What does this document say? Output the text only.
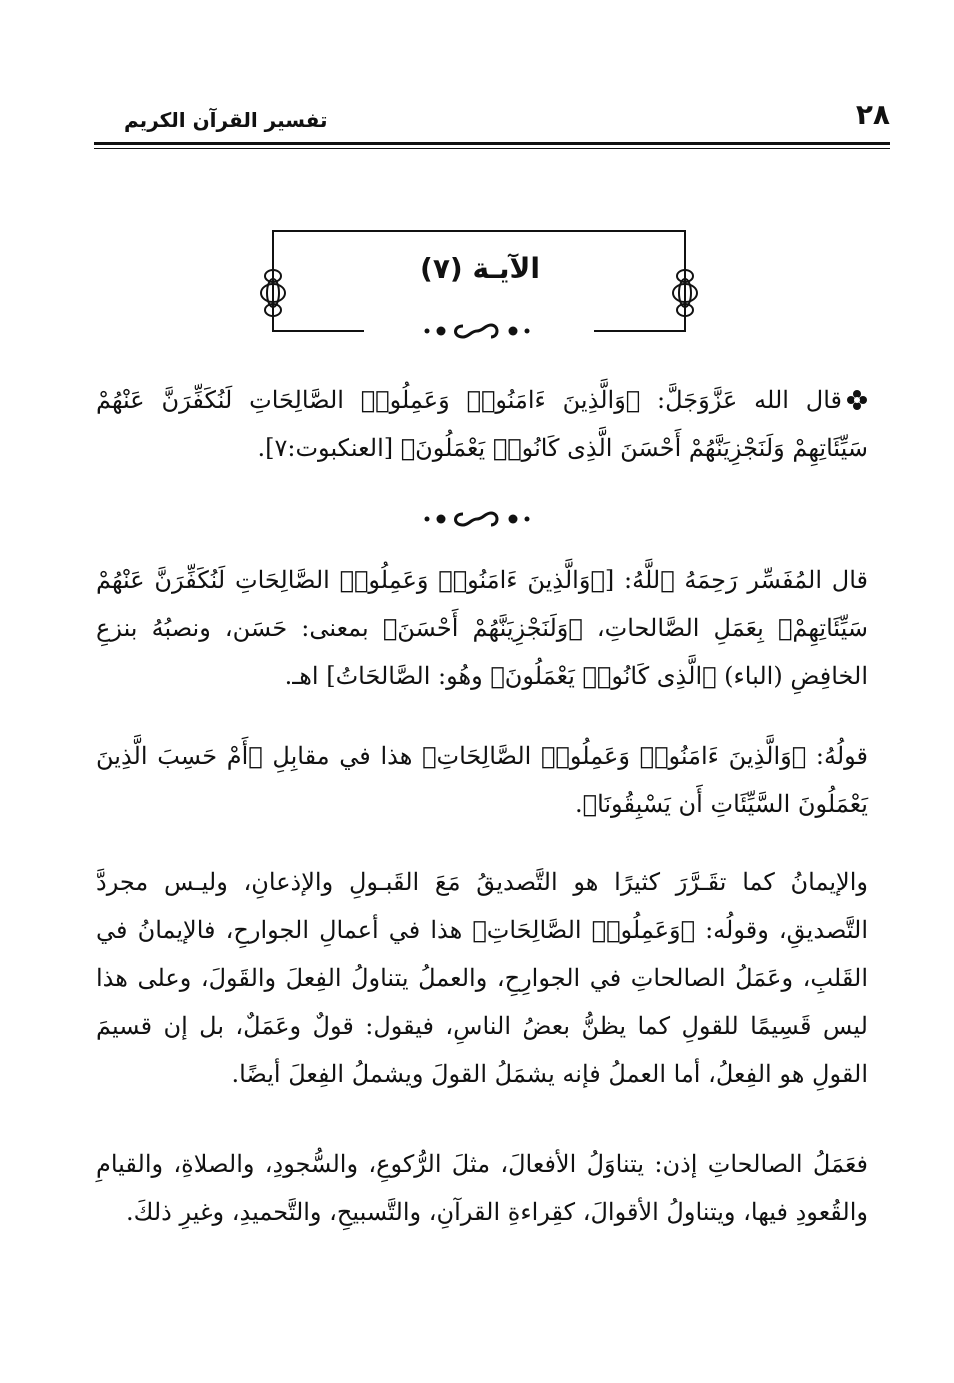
٢٨
تفسير القرآن الكريم
الآيـة (٧)

قال الله عَزَّوَجَلَّ: ﴿وَالَّذِينَ ءَامَنُوا۟ وَعَمِلُوا۟ الصَّالِحَاتِ لَنُكَفِّرَنَّ عَنْهُمْ سَيِّئَاتِهِمْ وَلَنَجْزِيَنَّهُمْ أَحْسَنَ الَّذِى كَانُوا۟ يَعْمَلُونَ﴾ [العنكبوت:٧].

قال المُفَسِّر رَحِمَهُ ٱللَّهُ: [﴿وَالَّذِينَ ءَامَنُوا۟ وَعَمِلُوا۟ الصَّالِحَاتِ لَنُكَفِّرَنَّ عَنْهُمْ سَيِّئَاتِهِمْ﴾ بِعَمَلِ الصَّالحاتِ، ﴿وَلَنَجْزِيَنَّهُمْ أَحْسَنَ﴾ بمعنى: حَسَن، ونصبُهُ بنزعِ الخافِضِ (الباء) ﴿الَّذِى كَانُوا۟ يَعْمَلُونَ﴾ وهُو: الصَّالحَاتُ] اهـ.

قولُهُ: ﴿وَالَّذِينَ ءَامَنُوا۟ وَعَمِلُوا۟ الصَّالِحَاتِ﴾ هذا في مقابِلِ ﴿أَمْ حَسِبَ الَّذِينَ يَعْمَلُونَ السَّيِّئَاتِ أَن يَسْبِقُونَا﴾.

والإيمانُ كما تقَـرَّرَ كثيرًا هو التَّصديقُ مَعَ القَبـولِ والإذعانِ، وليـس مجردَّ التَّصديقِ، وقولُه: ﴿وَعَمِلُوا۟ الصَّالِحَاتِ﴾ هذا في أعمالِ الجوارحِ، فالإيمانُ في القَلبِ، وعَمَلُ الصالحاتِ في الجوارِحِ، والعملُ يتناولُ الفِعلَ والقَولَ، وعلى هذا ليس قَسِيمًا للقولِ كما يظنُّ بعضُ الناسِ، فيقول: قولٌ وعَمَلٌ، بل إن قسيمَ القولِ هو الفِعلُ، أما العملُ فإنه يشمَلُ القولَ ويشملُ الفِعلَ أيضًا.

فعَمَلُ الصالحاتِ إذن: يتناوَلُ الأفعالَ، مثلَ الرُّكوعِ، والسُّجودِ، والصلاةِ، والقيامِ والقُعودِ فيها، ويتناولُ الأقوالَ، كقِراءةِ القرآنِ، والتَّسبيحِ، والتَّحميدِ، وغيرِ ذلكَ.
